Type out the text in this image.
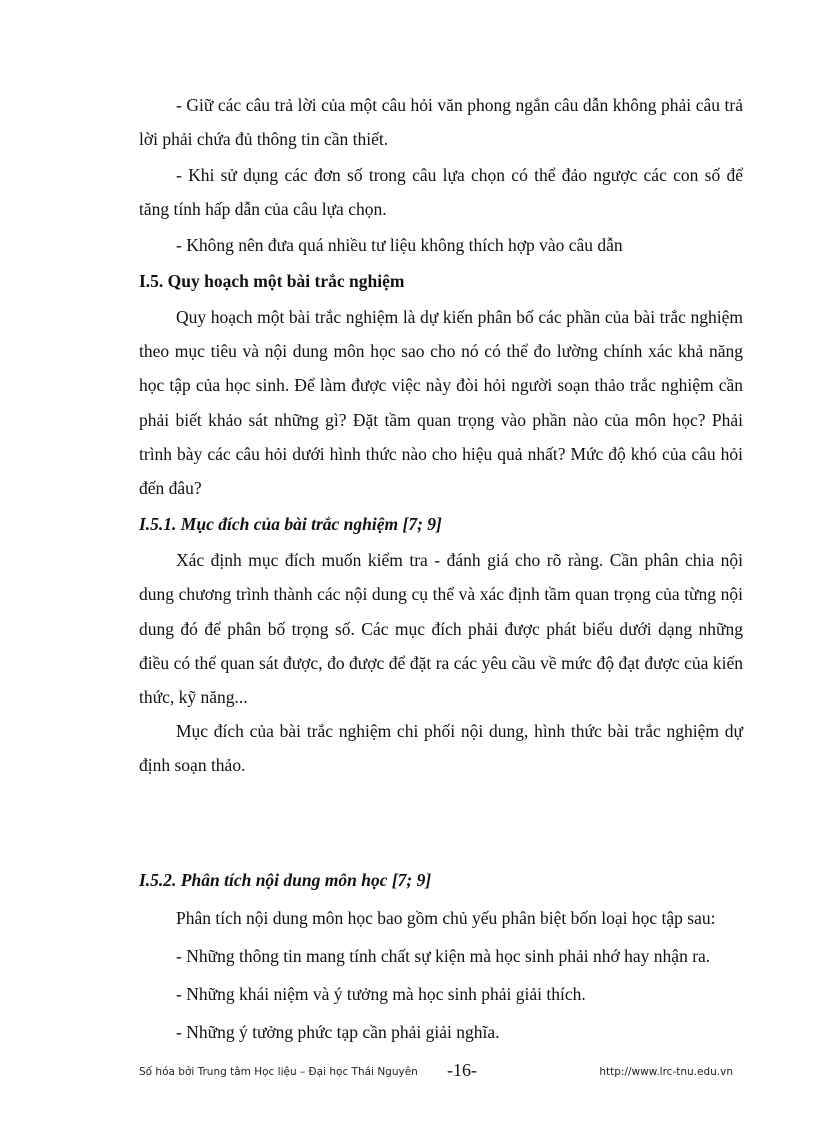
- Giữ các câu trả lời của một câu hỏi văn phong ngắn câu dẫn không phải câu trả lời phải chứa đủ thông tin cần thiết.

- Khi sử dụng các đơn số trong câu lựa chọn có thể đảo ngược các con số để tăng tính hấp dẫn của câu lựa chọn.

- Không nên đưa quá nhiều tư liệu không thích hợp vào câu dẫn

I.5. Quy hoạch một bài trắc nghiệm

Quy hoạch một bài trắc nghiệm là dự kiến phân bố các phần của bài trắc nghiệm theo mục tiêu và nội dung môn học sao cho nó có thể đo lường chính xác khả năng học tập của học sinh. Để làm được việc này đòi hỏi người soạn thảo trắc nghiệm cần phải biết khảo sát những gì? Đặt tầm quan trọng vào phần nào của môn học? Phải trình bày các câu hỏi dưới hình thức nào cho hiệu quả nhất? Mức độ khó của câu hỏi đến đâu?

I.5.1. Mục đích của bài trắc nghiệm [7; 9]

Xác định mục đích muốn kiểm tra - đánh giá cho rõ ràng. Cần phân chia nội dung chương trình thành các nội dung cụ thể và xác định tầm quan trọng của từng nội dung đó để phân bố trọng số. Các mục đích phải được phát biểu dưới dạng những điều có thể quan sát được, đo được để đặt ra các yêu cầu về mức độ đạt được của kiến thức, kỹ năng...

Mục đích của bài trắc nghiệm chi phối nội dung, hình thức bài trắc nghiệm dự định soạn thảo.

I.5.2. Phân tích nội dung môn học [7; 9]
Phân tích nội dung môn học bao gồm chủ yếu phân biệt bốn loại học tập sau:
- Những thông tin mang tính chất sự kiện mà học sinh phải nhớ hay nhận ra.
- Những khái niệm và ý tưởng mà học sinh phải giải thích.
- Những ý tưởng phức tạp cần phải giải nghĩa.
Số hóa bởi Trung tâm Học liệu – Đại học Thái Nguyên -16-	http://www.lrc-tnu.edu.vn
